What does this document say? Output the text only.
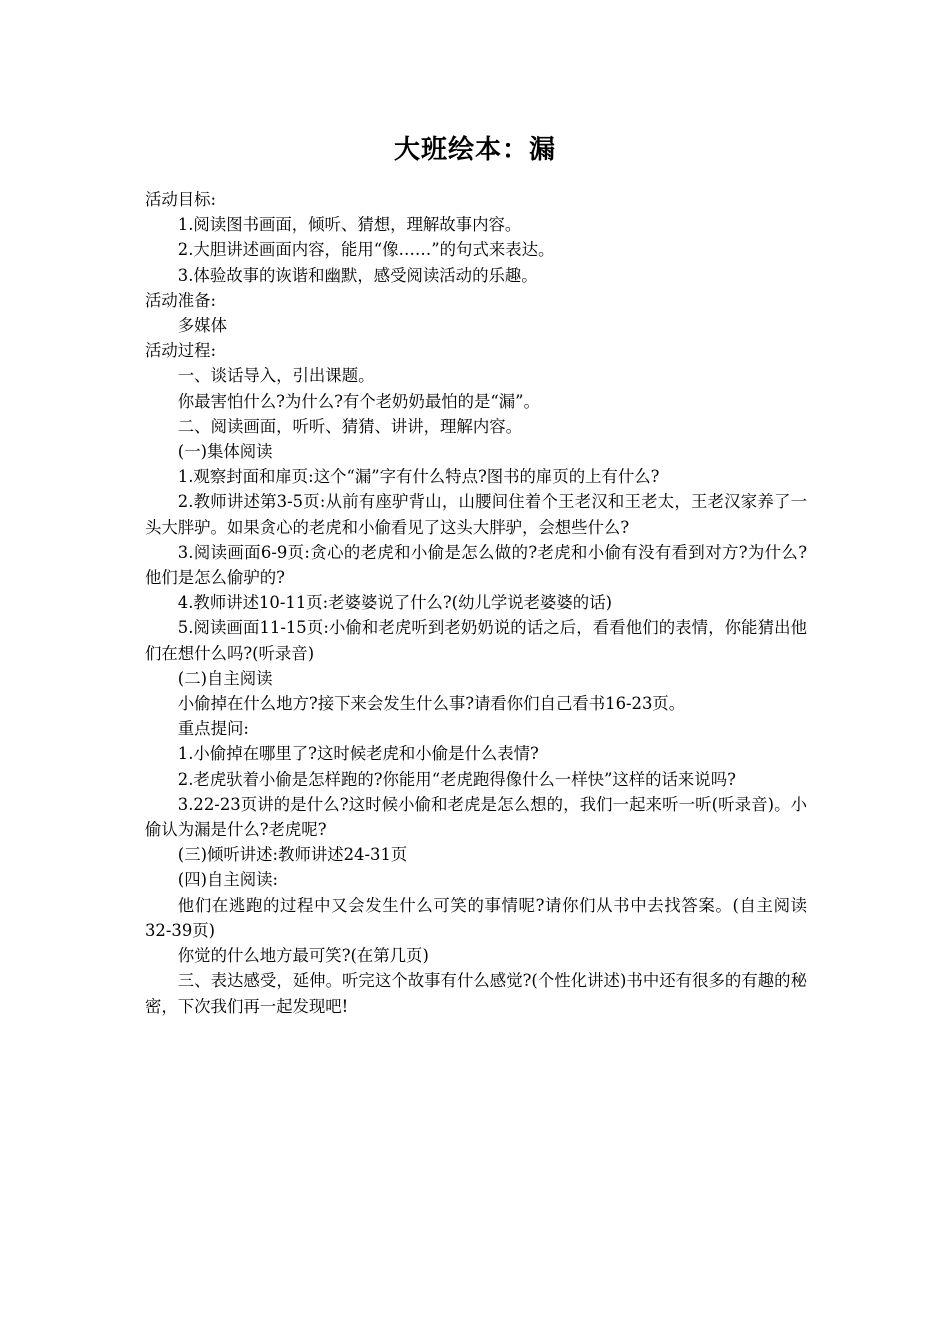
大班绘本：漏

活动目标:

1.阅读图书画面，倾听、猜想，理解故事内容。

2.大胆讲述画面内容，能用“像……”的句式来表达。

3.体验故事的诙谐和幽默，感受阅读活动的乐趣。

活动准备:

多媒体

活动过程:

一、谈话导入，引出课题。

你最害怕什么?为什么?有个老奶奶最怕的是“漏”。

二、阅读画面，听听、猜猜、讲讲，理解内容。

(一)集体阅读

1.观察封面和扉页:这个“漏”字有什么特点?图书的扉页的上有什么?

2.教师讲述第3-5页:从前有座驴背山，山腰间住着个王老汉和王老太，王老汉家养了一头大胖驴。如果贪心的老虎和小偷看见了这头大胖驴，会想些什么?

3.阅读画面6-9页:贪心的老虎和小偷是怎么做的?老虎和小偷有没有看到对方?为什么?他们是怎么偷驴的?

4.教师讲述10-11页:老婆婆说了什么?(幼儿学说老婆婆的话)

5.阅读画面11-15页:小偷和老虎听到老奶奶说的话之后，看看他们的表情，你能猜出他们在想什么吗?(听录音)

(二)自主阅读

小偷掉在什么地方?接下来会发生什么事?请看你们自己看书16-23页。

重点提问:

1.小偷掉在哪里了?这时候老虎和小偷是什么表情?

2.老虎驮着小偷是怎样跑的?你能用“老虎跑得像什么一样快”这样的话来说吗?

3.22-23页讲的是什么?这时候小偷和老虎是怎么想的，我们一起来听一听(听录音)。小偷认为漏是什么?老虎呢?

(三)倾听讲述:教师讲述24-31页

(四)自主阅读:

他们在逃跑的过程中又会发生什么可笑的事情呢?请你们从书中去找答案。(自主阅读32-39页)

你觉的什么地方最可笑?(在第几页)

三、表达感受，延伸。听完这个故事有什么感觉?(个性化讲述)书中还有很多的有趣的秘密，下次我们再一起发现吧!
